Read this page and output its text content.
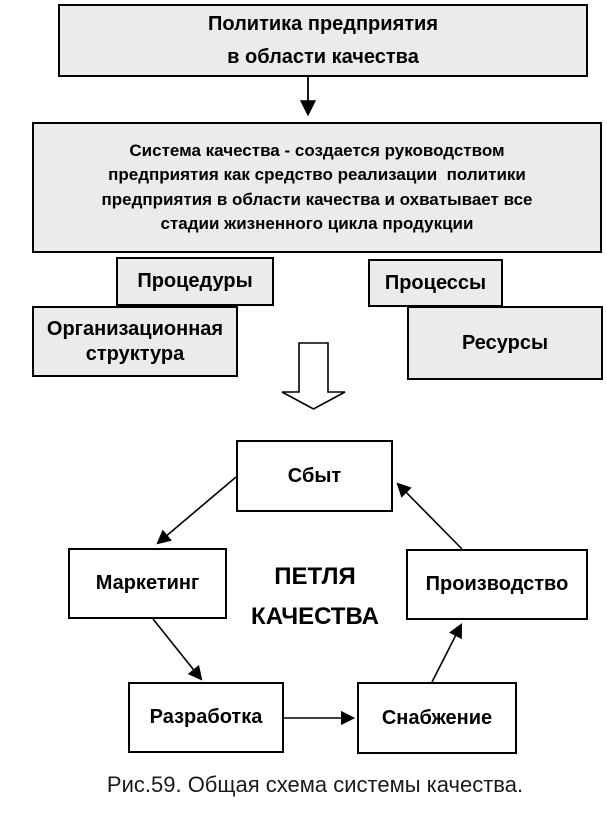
Политика предприятия
в области качества
Система качества - создается руководством
предприятия как средство реализации  политики
предприятия в области качества и охватывает все
стадии жизненного цикла продукции
Процедуры
Организационная
структура
Процессы
Ресурсы
Сбыт
Маркетинг	Производство
Разработка	Снабжение
ПЕТЛЯ
КАЧЕСТВА
Рис.59. Общая схема системы качества.
